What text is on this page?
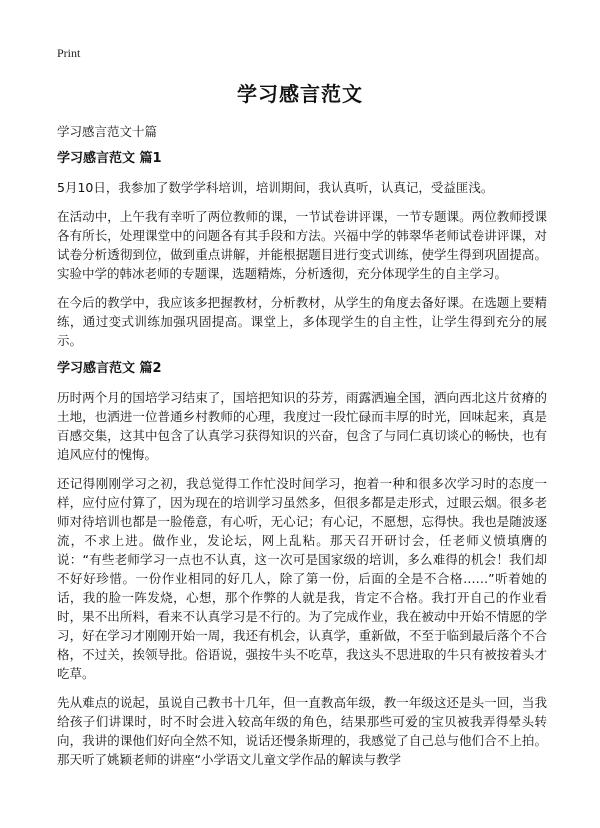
Print
学习感言范文
学习感言范文十篇
学习感言范文 篇1

5月10日，我参加了数学学科培训，培训期间，我认真听，认真记，受益匪浅。

在活动中，上午我有幸听了两位教师的课，一节试卷讲评课，一节专题课。两位教师授课各有所长，处理课堂中的问题各有其手段和方法。兴福中学的韩翠华老师试卷讲评课，对试卷分析透彻到位，做到重点讲解，并能根据题目进行变式训练，使学生得到巩固提高。实验中学的韩冰老师的专题课，选题精炼，分析透彻，充分体现学生的自主学习。

在今后的教学中，我应该多把握教材，分析教材，从学生的角度去备好课。在选题上要精练，通过变式训练加强巩固提高。课堂上，多体现学生的自主性，让学生得到充分的展示。

学习感言范文 篇2

历时两个月的国培学习结束了，国培把知识的芬芳，雨露洒遍全国，洒向西北这片贫瘠的土地，也洒进一位普通乡村教师的心理，我度过一段忙碌而丰厚的时光，回味起来，真是百感交集，这其中包含了认真学习获得知识的兴奋，包含了与同仁真切谈心的畅快，也有追风应付的愧悔。

还记得刚刚学习之初，我总觉得工作忙没时间学习，抱着一种和很多次学习时的态度一样，应付应付算了，因为现在的培训学习虽然多，但很多都是走形式，过眼云烟。很多老师对待培训也都是一脸倦意，有心听，无心记；有心记，不愿想，忘得快。我也是随波逐流，不求上进。做作业，发论坛，网上乱粘。那天召开研讨会，任老师义愤填膺的说：“有些老师学习一点也不认真，这一次可是国家级的培训，多么难得的机会！我们却不好好珍惜。一份作业相同的好几人，除了第一份，后面的全是不合格……”听着她的话，我的脸一阵发烧，心想，那个作弊的人就是我，肯定不合格。我打开自己的作业看时，果不出所料，看来不认真学习是不行的。为了完成作业，我在被动中开始不情愿的学习，好在学习才刚刚开始一周，我还有机会，认真学，重新做，不至于临到最后落个不合格，不过关，挨领导批。俗语说，强按牛头不吃草，我这头不思进取的牛只有被按着头才吃草。

先从难点的说起，虽说自己教书十几年，但一直教高年级，教一年级这还是头一回，当我给孩子们讲课时，时不时会进入较高年级的角色，结果那些可爱的宝贝被我弄得晕头转向，我讲的课他们好向全然不知，说话还慢条斯理的，我感觉了自己总与他们合不上拍。那天听了姚颖老师的讲座“小学语文儿童文学作品的解读与教学
